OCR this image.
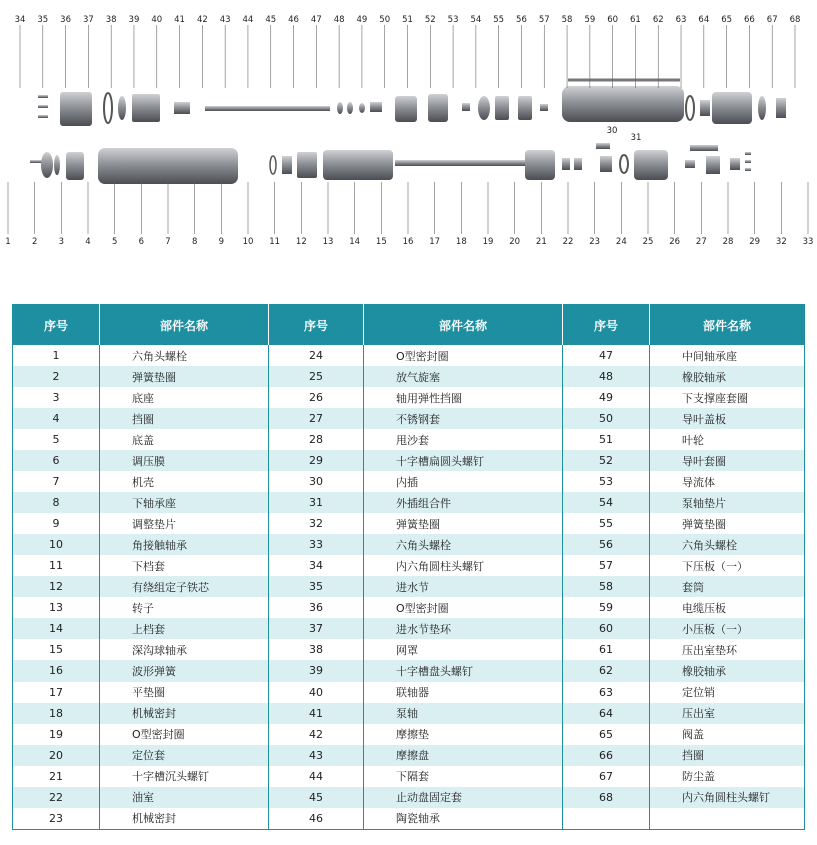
34 35 36 37 38 39 40 41 42 43 44 45 46 47 48 49 50 51 52 53 54 55 56 57 58 59 60 61 62 63 64 65 66 67 68
30
31
1 2 3 4 5 6 7 8 9 10 11 12 13 14 15 16 17 18 19 20 21 22 23 24 25 26 27 28 29 32 33
序号	部件名称	序号	部件名称	序号	部件名称
1	六角头螺栓	24	O型密封圈	47	中间轴承座
2	弹簧垫圈	25	放气旋塞	48	橡胶轴承
3	底座	26	轴用弹性挡圈	49	下支撑座套圈
4	挡圈	27	不锈钢套	50	导叶盖板
5	底盖	28	甩沙套	51	叶轮
6	调压膜	29	十字槽扁圆头螺钉	52	导叶套圈
7	机壳	30	内插	53	导流体
8	下轴承座	31	外插组合件	54	泵轴垫片
9	调整垫片	32	弹簧垫圈	55	弹簧垫圈
10	角接触轴承	33	六角头螺栓	56	六角头螺栓
11	下档套	34	内六角圆柱头螺钉	57	下压板（一）
12	有绕组定子铁芯	35	进水节	58	套筒
13	转子	36	O型密封圈	59	电缆压板
14	上档套	37	进水节垫环	60	小压板（一）
15	深沟球轴承	38	网罩	61	压出室垫环
16	波形弹簧	39	十字槽盘头螺钉	62	橡胶轴承
17	平垫圈	40	联轴器	63	定位销
18	机械密封	41	泵轴	64	压出室
19	O型密封圈	42	摩擦垫	65	阀盖
20	定位套	43	摩擦盘	66	挡圈
21	十字槽沉头螺钉	44	下隔套	67	防尘盖
22	油室	45	止动盘固定套	68	内六角圆柱头螺钉
23	机械密封	46	陶瓷轴承		
